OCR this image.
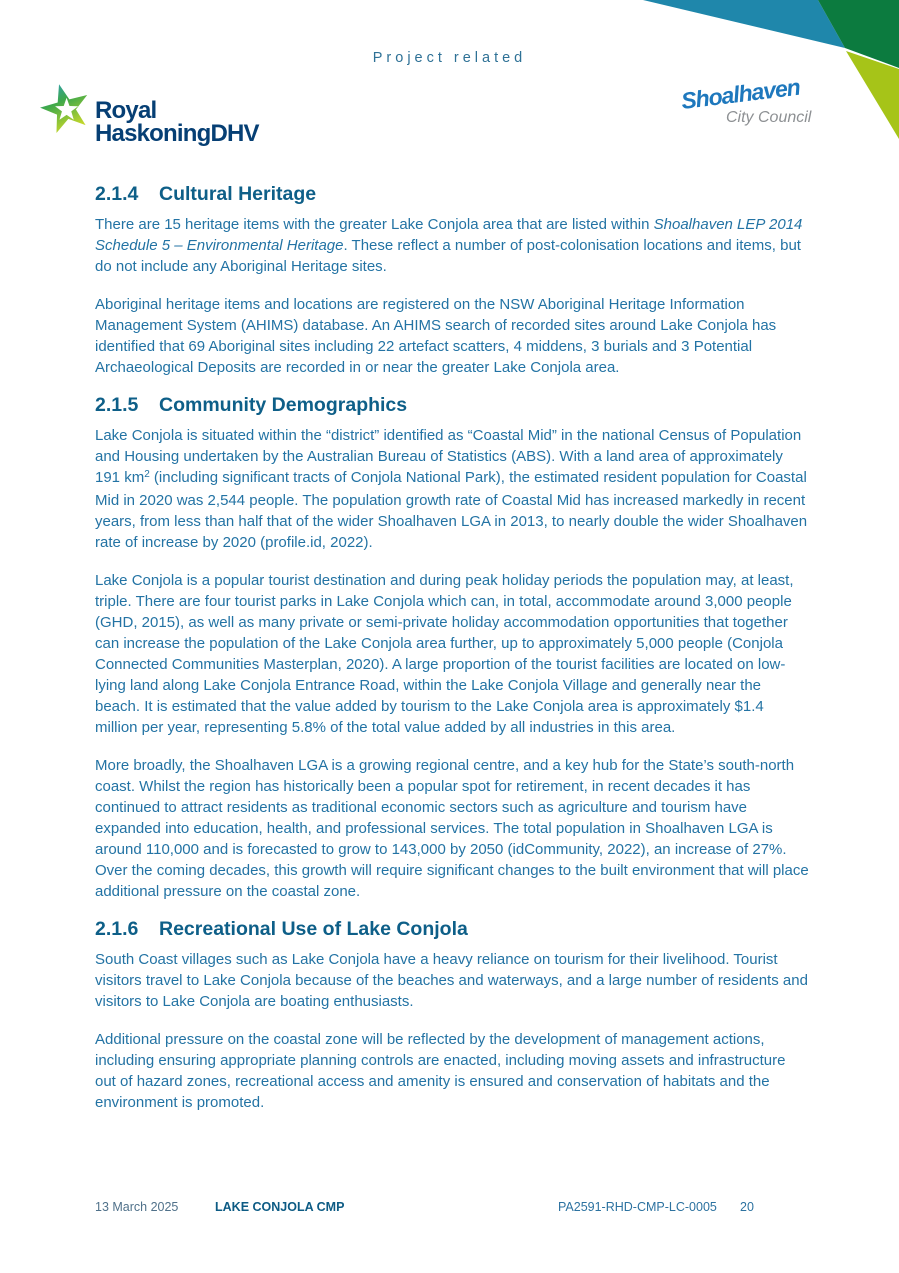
Project related
Royal
HaskoningDHV
Shoalhaven
City Council
2.1.4 Cultural Heritage

There are 15 heritage items with the greater Lake Conjola area that are listed within Shoalhaven LEP 2014 Schedule 5 – Environmental Heritage. These reflect a number of post-colonisation locations and items, but do not include any Aboriginal Heritage sites.

Aboriginal heritage items and locations are registered on the NSW Aboriginal Heritage Information Management System (AHIMS) database. An AHIMS search of recorded sites around Lake Conjola has identified that 69 Aboriginal sites including 22 artefact scatters, 4 middens, 3 burials and 3 Potential Archaeological Deposits are recorded in or near the greater Lake Conjola area.

2.1.5 Community Demographics

Lake Conjola is situated within the “district” identified as “Coastal Mid” in the national Census of Population and Housing undertaken by the Australian Bureau of Statistics (ABS). With a land area of approximately 191 $km^2$ (including significant tracts of Conjola National Park), the estimated resident population for Coastal Mid in 2020 was 2,544 people. The population growth rate of Coastal Mid has increased markedly in recent years, from less than half that of the wider Shoalhaven LGA in 2013, to nearly double the wider Shoalhaven rate of increase by 2020 (profile.id, 2022).

Lake Conjola is a popular tourist destination and during peak holiday periods the population may, at least, triple. There are four tourist parks in Lake Conjola which can, in total, accommodate around 3,000 people (GHD, 2015), as well as many private or semi-private holiday accommodation opportunities that together can increase the population of the Lake Conjola area further, up to approximately 5,000 people (Conjola Connected Communities Masterplan, 2020). A large proportion of the tourist facilities are located on low-lying land along Lake Conjola Entrance Road, within the Lake Conjola Village and generally near the beach. It is estimated that the value added by tourism to the Lake Conjola area is approximately $1.4 million per year, representing 5.8% of the total value added by all industries in this area.

More broadly, the Shoalhaven LGA is a growing regional centre, and a key hub for the State’s south-north coast. Whilst the region has historically been a popular spot for retirement, in recent decades it has continued to attract residents as traditional economic sectors such as agriculture and tourism have expanded into education, health, and professional services. The total population in Shoalhaven LGA is around 110,000 and is forecasted to grow to 143,000 by 2050 (idCommunity, 2022), an increase of 27%. Over the coming decades, this growth will require significant changes to the built environment that will place additional pressure on the coastal zone.

2.1.6 Recreational Use of Lake Conjola

South Coast villages such as Lake Conjola have a heavy reliance on tourism for their livelihood. Tourist visitors travel to Lake Conjola because of the beaches and waterways, and a large number of residents and visitors to Lake Conjola are boating enthusiasts.

Additional pressure on the coastal zone will be reflected by the development of management actions, including ensuring appropriate planning controls are enacted, including moving assets and infrastructure out of hazard zones, recreational access and amenity is ensured and conservation of habitats and the environment is promoted.

13 March 2025	LAKE CONJOLA CMP	PA2591-RHD-CMP-LC-0005 20
